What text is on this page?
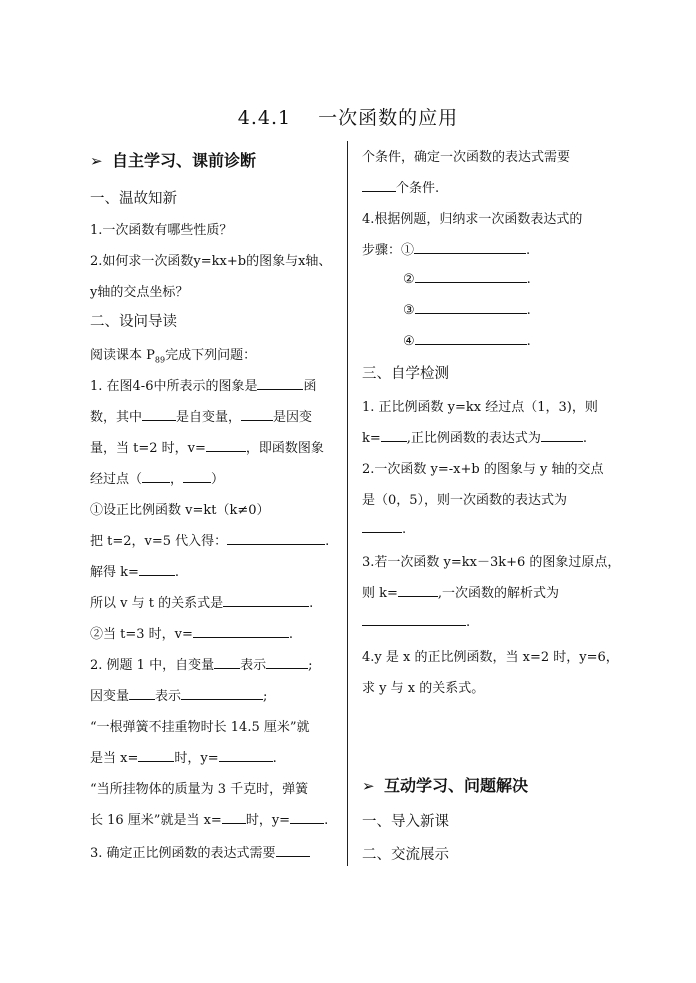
4.4.1　 一次函数的应用
➢ 自主学习、课前诊断
一、温故知新
1.一次函数有哪些性质？
2.如何求一次函数y=kx+b的图象与x轴、
y轴的交点坐标？
二、设问导读
阅读课本 $P_{89}$完成下列问题：
1. 在图4-6中所表示的图象是	函
数，其中	是自变量， 是因变
量，当 t=2 时，v=	，即函数图象
经过点（ ， ）
①设正比例函数 v=kt（k≠0）
把 t=2，v=5 代入得：	.
解得 k=	.
所以 v 与 t 的关系式是	.
②当 t=3 时，v=	.
2. 例题 1 中，自变量 表示	;
因变量 表示	;
“一根弹簧不挂重物时长 14.5 厘米”就
是当 x=	时，y=	.
“当所挂物体的质量为 3 千克时，弹簧
长 16 厘米”就是当 x= 时，y=	.
3. 确定正比例函数的表达式需要
个条件，确定一次函数的表达式需要
个条件.
4.根据例题，归纳求一次函数表达式的
步骤：①	.
②	.
③	.
④	.
三、自学检测
1. 正比例函数 y=kx 经过点（1，3)，则
k= ,正比例函数的表达式为	.
2.一次函数 y=-x+b 的图象与 y 轴的交点
是（0，5），则一次函数的表达式为
.
3.若一次函数 y=kx－3k+6 的图象过原点，
则 k=	,一次函数的解析式为
.
4.y 是 x 的正比例函数，当 x=2 时，y=6，
求 y 与 x 的关系式。
➢ 互动学习、问题解决
一、导入新课
二、交流展示
